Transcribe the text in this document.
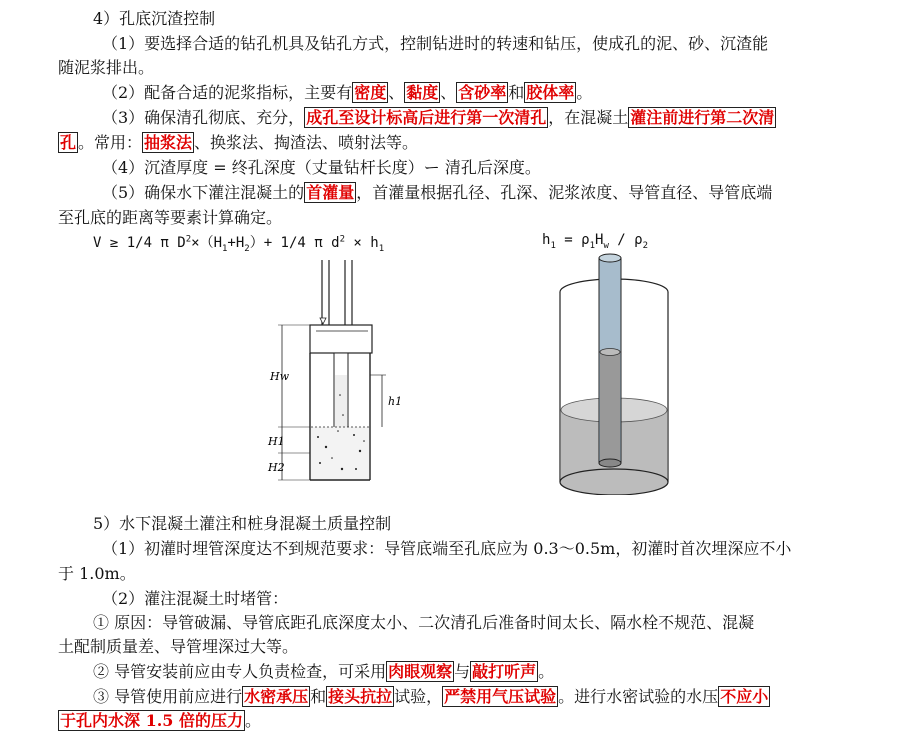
4）孔底沉渣控制
（1）要选择合适的钻孔机具及钻孔方式，控制钻进时的转速和钻压，使成孔的泥、砂、沉渣能
随泥浆排出。
（2）配备合适的泥浆指标，主要有 密度 、 黏度 、 含砂率 和 胶体率 。
（3）确保清孔彻底、充分， 成孔至设计标高后进行第一次清孔 ，在混凝土 灌注前进行第二次清
孔 。常用： 抽浆法 、换浆法、掏渣法、喷射法等。
（4）沉渣厚度 = 终孔深度（丈量钻杆长度）ー 清孔后深度。
（5）确保水下灌注混凝土的 首灌量 ，首灌量根据孔径、孔深、泥浆浓度、导管直径、导管底端
至孔底的距离等要素计算确定。
V ≥ 1/4 π $D^2\times(H_1+H_2)+ 1/4$ π $d^2 \times h_1$
$h_1 = \rho_1H_w / \rho_2$
Hw
H1
H2
h1
5）水下混凝土灌注和桩身混凝土质量控制
（1）初灌时埋管深度达不到规范要求：导管底端至孔底应为 0.3～0.5m，初灌时首次埋深应不小
于 1.0m。
（2）灌注混凝土时堵管：
① 原因：导管破漏、导管底距孔底深度太小、二次清孔后准备时间太长、隔水栓不规范、混凝
土配制质量差、导管埋深过大等。
② 导管安装前应由专人负责检查，可采用 肉眼观察 与 敲打听声 。
③ 导管使用前应进行 水密承压 和 接头抗拉 试验， 严禁用气压试验 。进行水密试验的水压 不应小
于孔内水深 1.5 倍的压力 。
